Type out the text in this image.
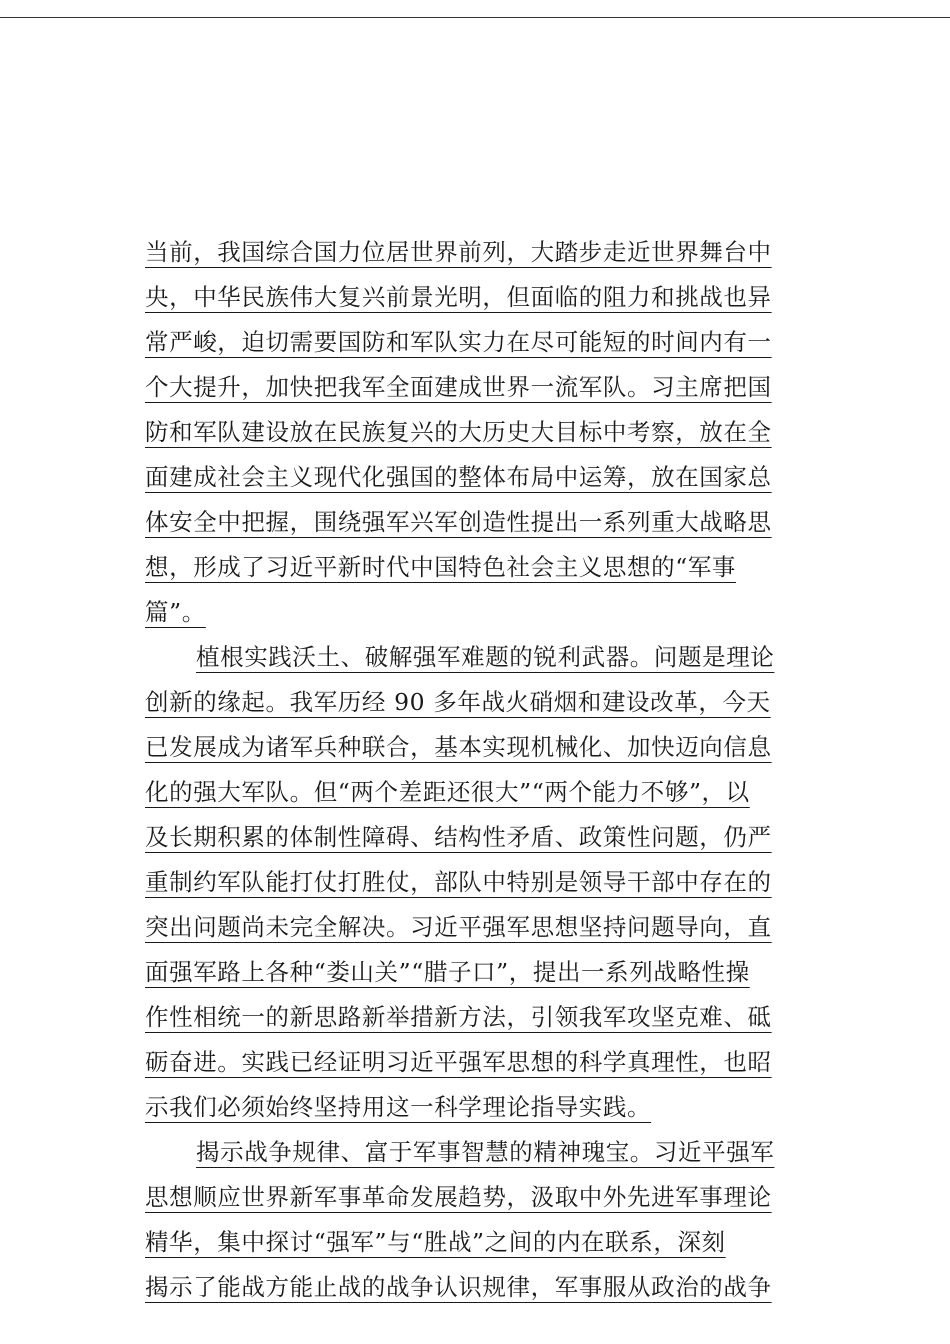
当前，我国综合国力位居世界前列，大踏步走近世界舞台中
央，中华民族伟大复兴前景光明，但面临的阻力和挑战也异
常严峻，迫切需要国防和军队实力在尽可能短的时间内有一
个大提升，加快把我军全面建成世界一流军队。习主席把国
防和军队建设放在民族复兴的大历史大目标中考察，放在全
面建成社会主义现代化强国的整体布局中运筹，放在国家总
体安全中把握，围绕强军兴军创造性提出一系列重大战略思
想，形成了习近平新时代中国特色社会主义思想的“军事
篇”。
植根实践沃土、破解强军难题的锐利武器。问题是理论
创新的缘起。我军历经 90 多年战火硝烟和建设改革，今天
已发展成为诸军兵种联合，基本实现机械化、加快迈向信息
化的强大军队。但“两个差距还很大”“两个能力不够”，以
及长期积累的体制性障碍、结构性矛盾、政策性问题，仍严
重制约军队能打仗打胜仗，部队中特别是领导干部中存在的
突出问题尚未完全解决。习近平强军思想坚持问题导向，直
面强军路上各种“娄山关”“腊子口”，提出一系列战略性操
作性相统一的新思路新举措新方法，引领我军攻坚克难、砥
砺奋进。实践已经证明习近平强军思想的科学真理性，也昭
示我们必须始终坚持用这一科学理论指导实践。
揭示战争规律、富于军事智慧的精神瑰宝。习近平强军
思想顺应世界新军事革命发展趋势，汲取中外先进军事理论
精华，集中探讨“强军”与“胜战”之间的内在联系，深刻
揭示了能战方能止战的战争认识规律，军事服从政治的战争
